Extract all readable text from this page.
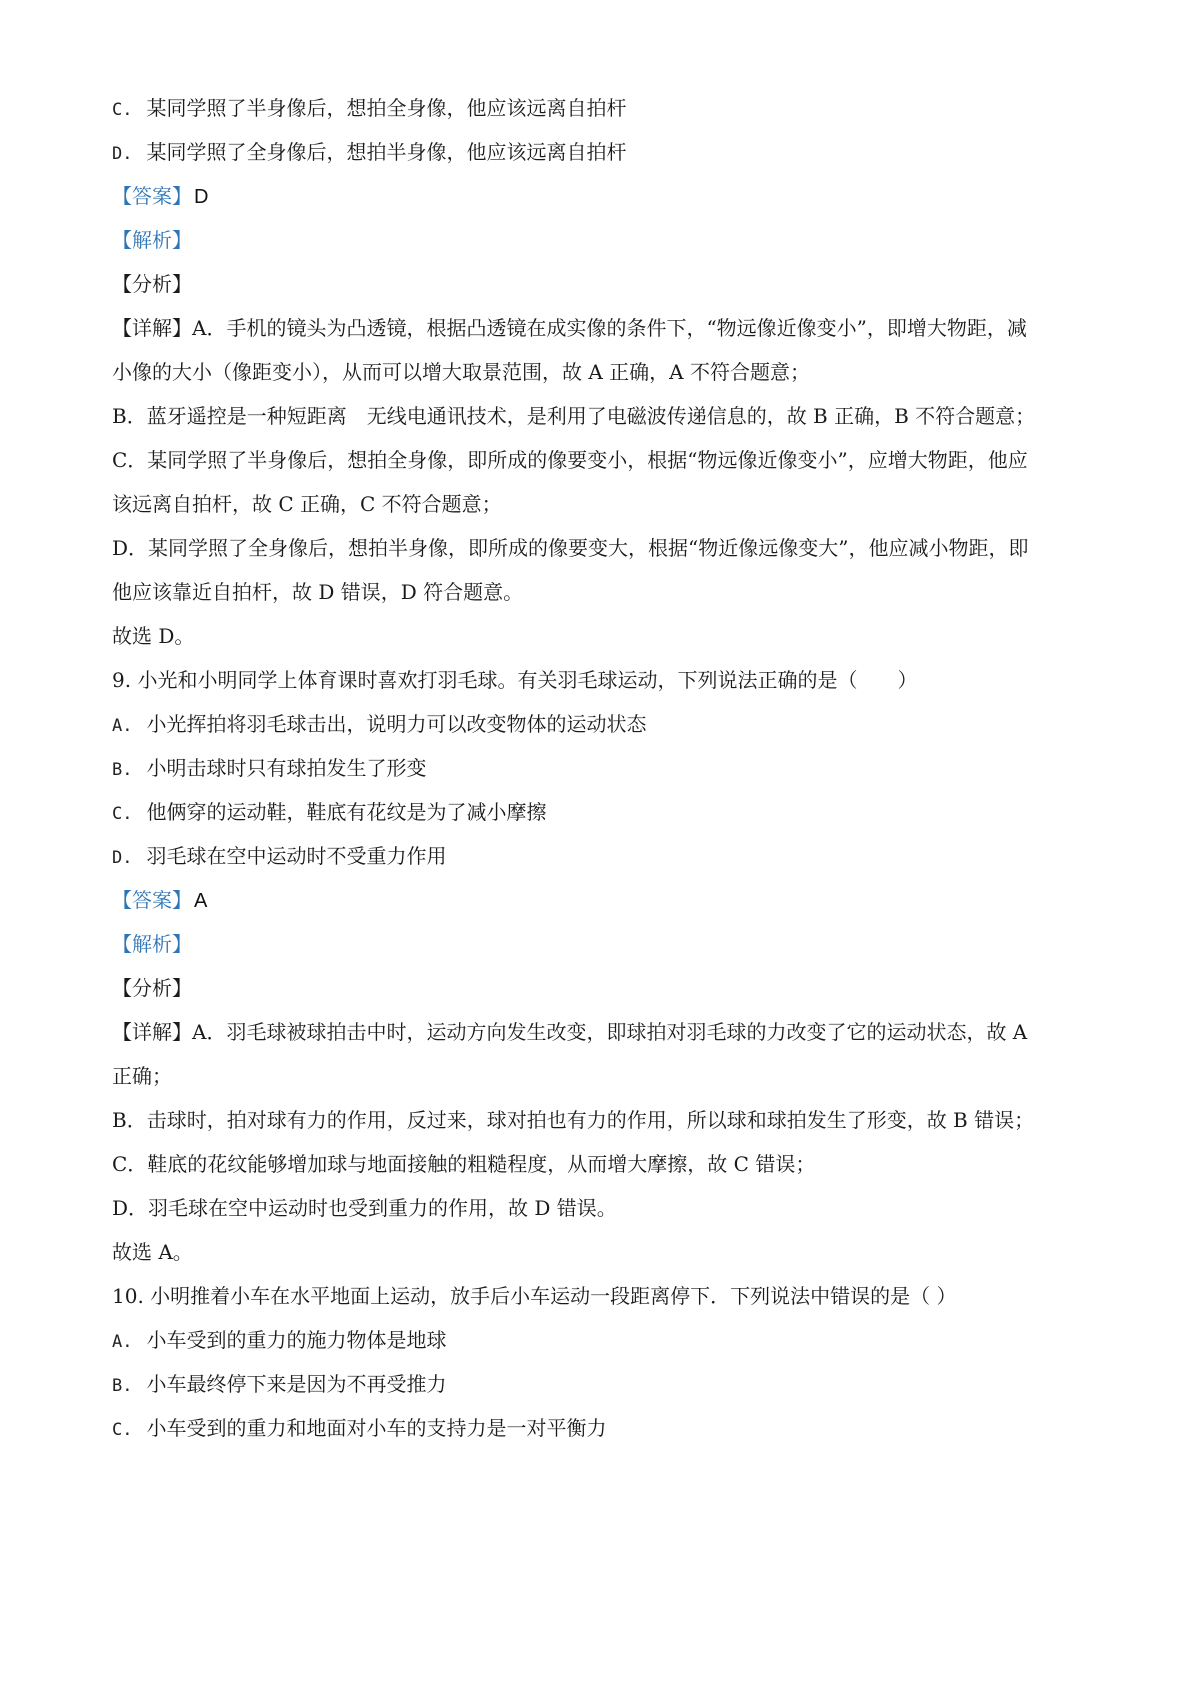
C. 某同学照了半身像后，想拍全身像，他应该远离自拍杆
D. 某同学照了全身像后，想拍半身像，他应该远离自拍杆
【答案】 D
【解析】
【分析】
【详解】A．手机的镜头为凸透镜，根据凸透镜在成实像的条件下，“物远像近像变小”，即增大物距，减
小像的大小（像距变小），从而可以增大取景范围，故 A 正确，A 不符合题意；
B．蓝牙遥控是一种短距离　无线电通讯技术，是利用了电磁波传递信息的，故 B 正确，B 不符合题意；
C．某同学照了半身像后，想拍全身像，即所成的像要变小，根据“物远像近像变小”，应增大物距，他应
该远离自拍杆，故 C 正确，C 不符合题意；
D．某同学照了全身像后，想拍半身像，即所成的像要变大，根据“物近像远像变大”，他应减小物距，即
他应该靠近自拍杆，故 D 错误，D 符合题意。
故选 D。
9. 小光和小明同学上体育课时喜欢打羽毛球。有关羽毛球运动，下列说法正确的是（　　）
A. 小光挥拍将羽毛球击出，说明力可以改变物体的运动状态
B. 小明击球时只有球拍发生了形变
C. 他俩穿的运动鞋，鞋底有花纹是为了减小摩擦
D. 羽毛球在空中运动时不受重力作用
【答案】 A
【解析】
【分析】
【详解】A．羽毛球被球拍击中时，运动方向发生改变，即球拍对羽毛球的力改变了它的运动状态，故 A
正确；
B．击球时，拍对球有力的作用，反过来，球对拍也有力的作用，所以球和球拍发生了形变，故 B 错误；
C．鞋底的花纹能够增加球与地面接触的粗糙程度，从而增大摩擦，故 C 错误；
D．羽毛球在空中运动时也受到重力的作用，故 D 错误。
故选 A。
10. 小明推着小车在水平地面上运动，放手后小车运动一段距离停下．下列说法中错误的是（ ）
A. 小车受到的重力的施力物体是地球
B. 小车最终停下来是因为不再受推力
C. 小车受到的重力和地面对小车的支持力是一对平衡力
